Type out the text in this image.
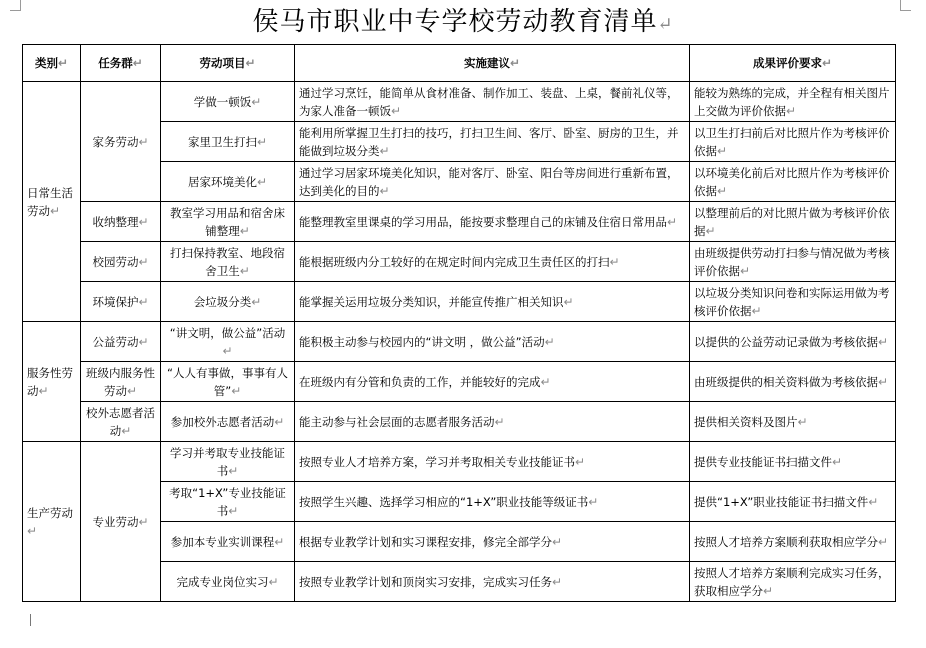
侯马市职业中专学校劳动教育清单↵
类别↵	任务群↵	劳动项目↵	实施建议↵	成果评价要求↵
日常生活劳动↵	家务劳动↵	学做一顿饭↵	通过学习烹饪，能简单从食材准备、制作加工、装盘、上桌，餐前礼仪等，为家人准备一顿饭↵	能较为熟练的完成，并全程有相关图片上交做为评价依据↵
		家里卫生打扫↵	能利用所掌握卫生打扫的技巧，打扫卫生间、客厅、卧室、厨房的卫生，并能做到垃圾分类↵	以卫生打扫前后对比照片作为考核评价依据↵
		居家环境美化↵	通过学习居家环境美化知识，能对客厅、卧室、阳台等房间进行重新布置，达到美化的目的↵	以环境美化前后对比照片作为考核评价依据↵
	收纳整理↵	教室学习用品和宿舍床铺整理↵	能整理教室里课桌的学习用品，能按要求整理自己的床铺及住宿日常用品↵	以整理前后的对比照片做为考核评价依据↵
	校园劳动↵	打扫保持教室、地段宿舍卫生↵	能根据班级内分工较好的在规定时间内完成卫生责任区的打扫↵	由班级提供劳动打扫参与情况做为考核评价依据↵
	环境保护↵	会垃圾分类↵	能掌握关运用垃圾分类知识，并能宣传推广相关知识↵	以垃圾分类知识问卷和实际运用做为考核评价依据↵
服务性劳动↵	公益劳动↵	“讲文明，做公益”活动↵	能积极主动参与校园内的“讲文明 ，做公益”活动↵	以提供的公益劳动记录做为考核依据↵
	班级内服务性劳动↵	“人人有事做，事事有人管”↵	在班级内有分管和负责的工作，并能较好的完成↵	由班级提供的相关资料做为考核依据↵
	校外志愿者活动↵	参加校外志愿者活动↵	能主动参与社会层面的志愿者服务活动↵	提供相关资料及图片↵
生产劳动↵	专业劳动↵	学习并考取专业技能证书↵	按照专业人才培养方案，学习并考取相关专业技能证书↵	提供专业技能证书扫描文件↵
		考取“1+X”专业技能证书↵	按照学生兴趣、选择学习相应的“1+X”职业技能等级证书↵	提供“1+X”职业技能证书扫描文件↵
		参加本专业实训课程↵	根据专业教学计划和实习课程安排，修完全部学分↵	按照人才培养方案顺利获取相应学分↵
		完成专业岗位实习↵	按照专业教学计划和顶岗实习安排，完成实习任务↵	按照人才培养方案顺利完成实习任务，获取相应学分↵
